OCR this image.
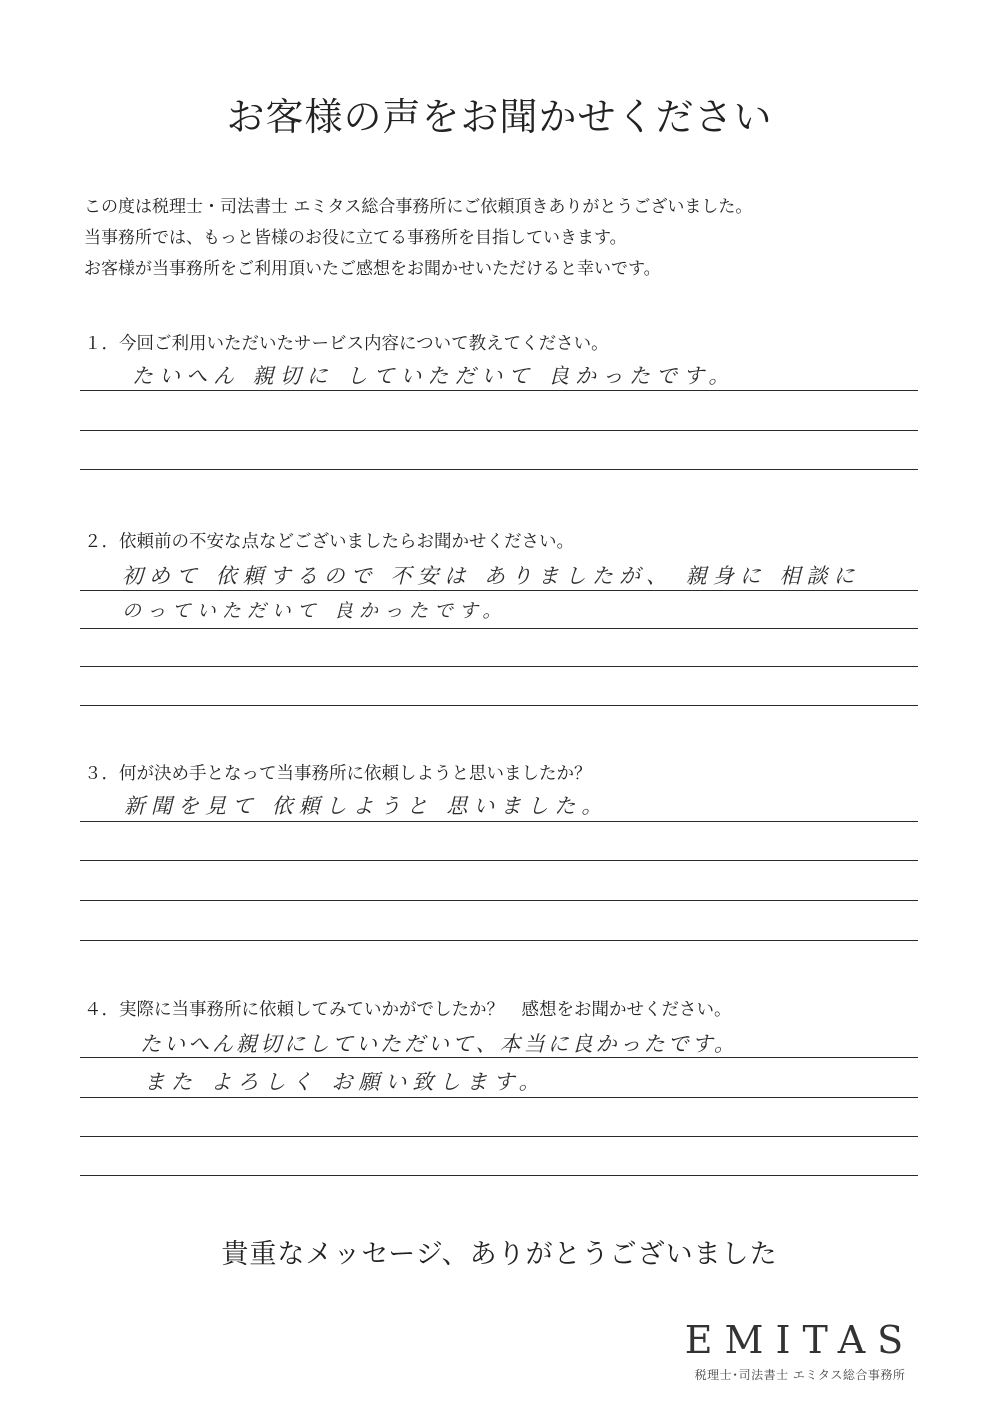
お客様の声をお聞かせください
この度は税理士・司法書士 エミタス総合事務所にご依頼頂きありがとうございました。
当事務所では、もっと皆様のお役に立てる事務所を目指していきます。
お客様が当事務所をご利用頂いたご感想をお聞かせいただけると幸いです。
１．今回ご利用いただいたサービス内容について教えてください。
たいへん 親切に していただいて 良かったです。
２．依頼前の不安な点などございましたらお聞かせください。
初めて 依頼するので 不安は ありましたが、 親身に 相談に
のっていただいて 良かったです。
３．何が決め手となって当事務所に依頼しようと思いましたか？
新聞を見て 依頼しようと 思いました。
４．実際に当事務所に依頼してみていかがでしたか？　感想をお聞かせください。
たいへん親切にしていただいて、本当に良かったです。
また よろしく お願い致します。
貴重なメッセージ、ありがとうございました
EMITAS
税理士･司法書士 エミタス総合事務所
